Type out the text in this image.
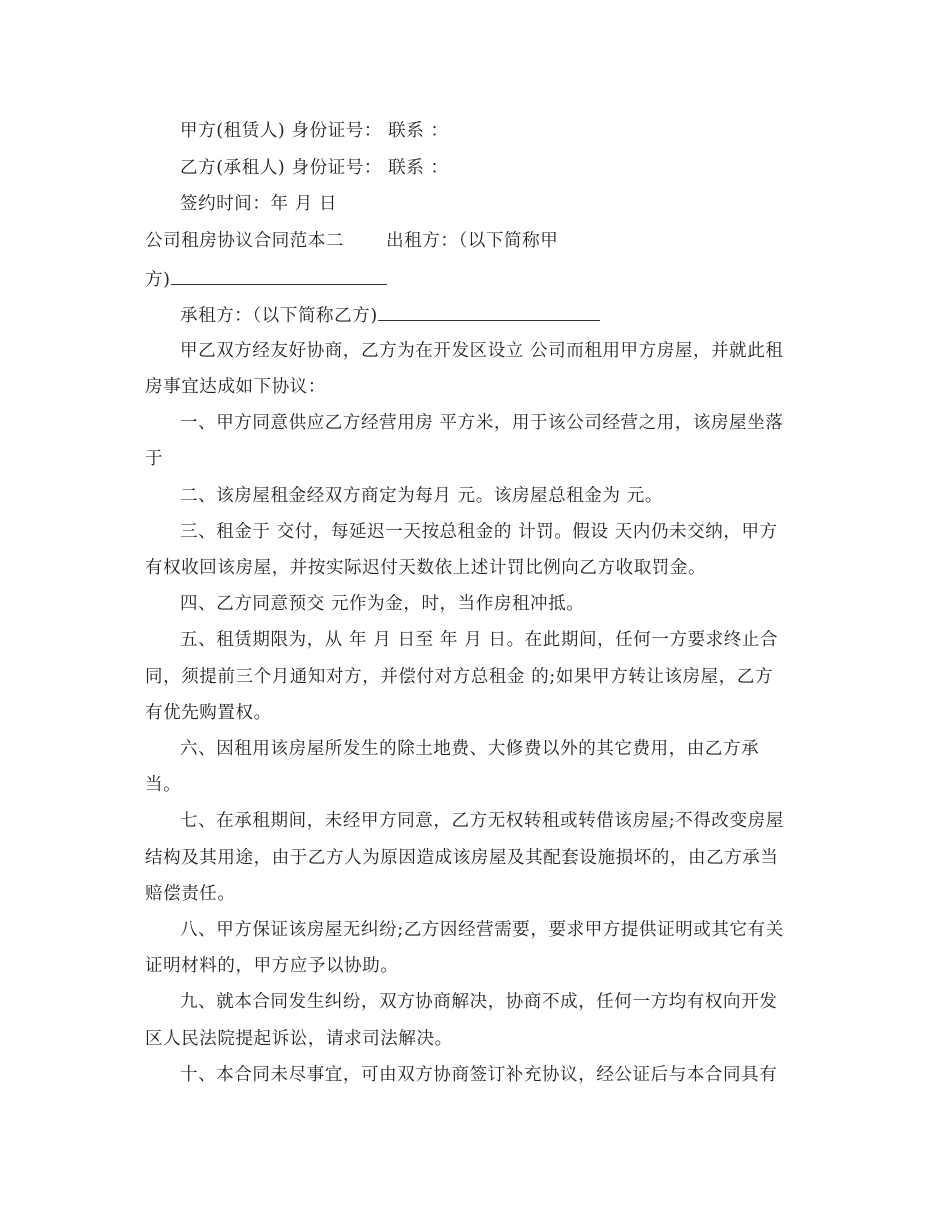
甲方(租赁人) 身份证号： 联系 ：
乙方(承租人) 身份证号： 联系 ：
签约时间：年 月 日
公司租房协议合同范本二 出租方：（以下简称甲
方)
承租方：（以下简称乙方)
甲乙双方经友好协商，乙方为在开发区设立 公司而租用甲方房屋，并就此租
房事宜达成如下协议：
一、甲方同意供应乙方经营用房 平方米，用于该公司经营之用，该房屋坐落
于
二、该房屋租金经双方商定为每月 元。该房屋总租金为 元。
三、租金于 交付，每延迟一天按总租金的 计罚。假设 天内仍未交纳，甲方
有权收回该房屋，并按实际迟付天数依上述计罚比例向乙方收取罚金。
四、乙方同意预交 元作为金，时，当作房租冲抵。
五、租赁期限为，从 年 月 日至 年 月 日。在此期间，任何一方要求终止合
同，须提前三个月通知对方，并偿付对方总租金 的;如果甲方转让该房屋，乙方
有优先购置权。
六、因租用该房屋所发生的除土地费、大修费以外的其它费用，由乙方承
当。
七、在承租期间，未经甲方同意，乙方无权转租或转借该房屋;不得改变房屋
结构及其用途，由于乙方人为原因造成该房屋及其配套设施损坏的，由乙方承当
赔偿责任。
八、甲方保证该房屋无纠纷;乙方因经营需要，要求甲方提供证明或其它有关
证明材料的，甲方应予以协助。
九、就本合同发生纠纷，双方协商解决，协商不成，任何一方均有权向开发
区人民法院提起诉讼，请求司法解决。
十、本合同未尽事宜，可由双方协商签订补充协议，经公证后与本合同具有
